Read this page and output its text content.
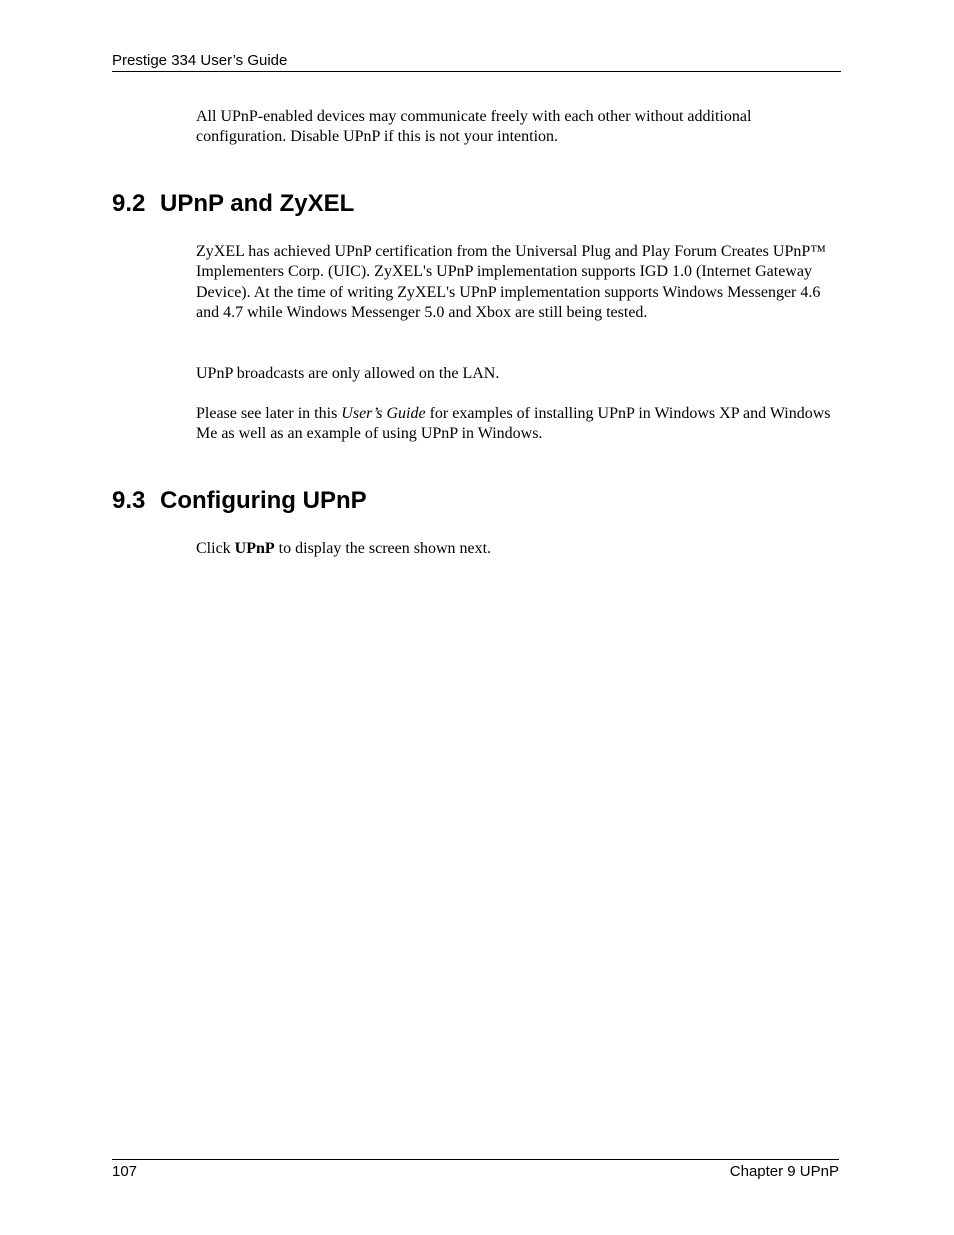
Prestige 334 User’s Guide

All UPnP-enabled devices may communicate freely with each other without additional configuration. Disable UPnP if this is not your intention.

9.2 UPnP and ZyXEL

ZyXEL has achieved UPnP certification from the Universal Plug and Play Forum Creates UPnP™ Implementers Corp. (UIC). ZyXEL's UPnP implementation supports IGD 1.0 (Internet Gateway Device). At the time of writing ZyXEL's UPnP implementation supports Windows Messenger 4.6 and 4.7 while Windows Messenger 5.0 and Xbox are still being tested.

UPnP broadcasts are only allowed on the LAN.

Please see later in this User’s Guide for examples of installing UPnP in Windows XP and Windows Me as well as an example of using UPnP in Windows.

9.3 Configuring UPnP

Click UPnP to display the screen shown next.

107	Chapter 9 UPnP
